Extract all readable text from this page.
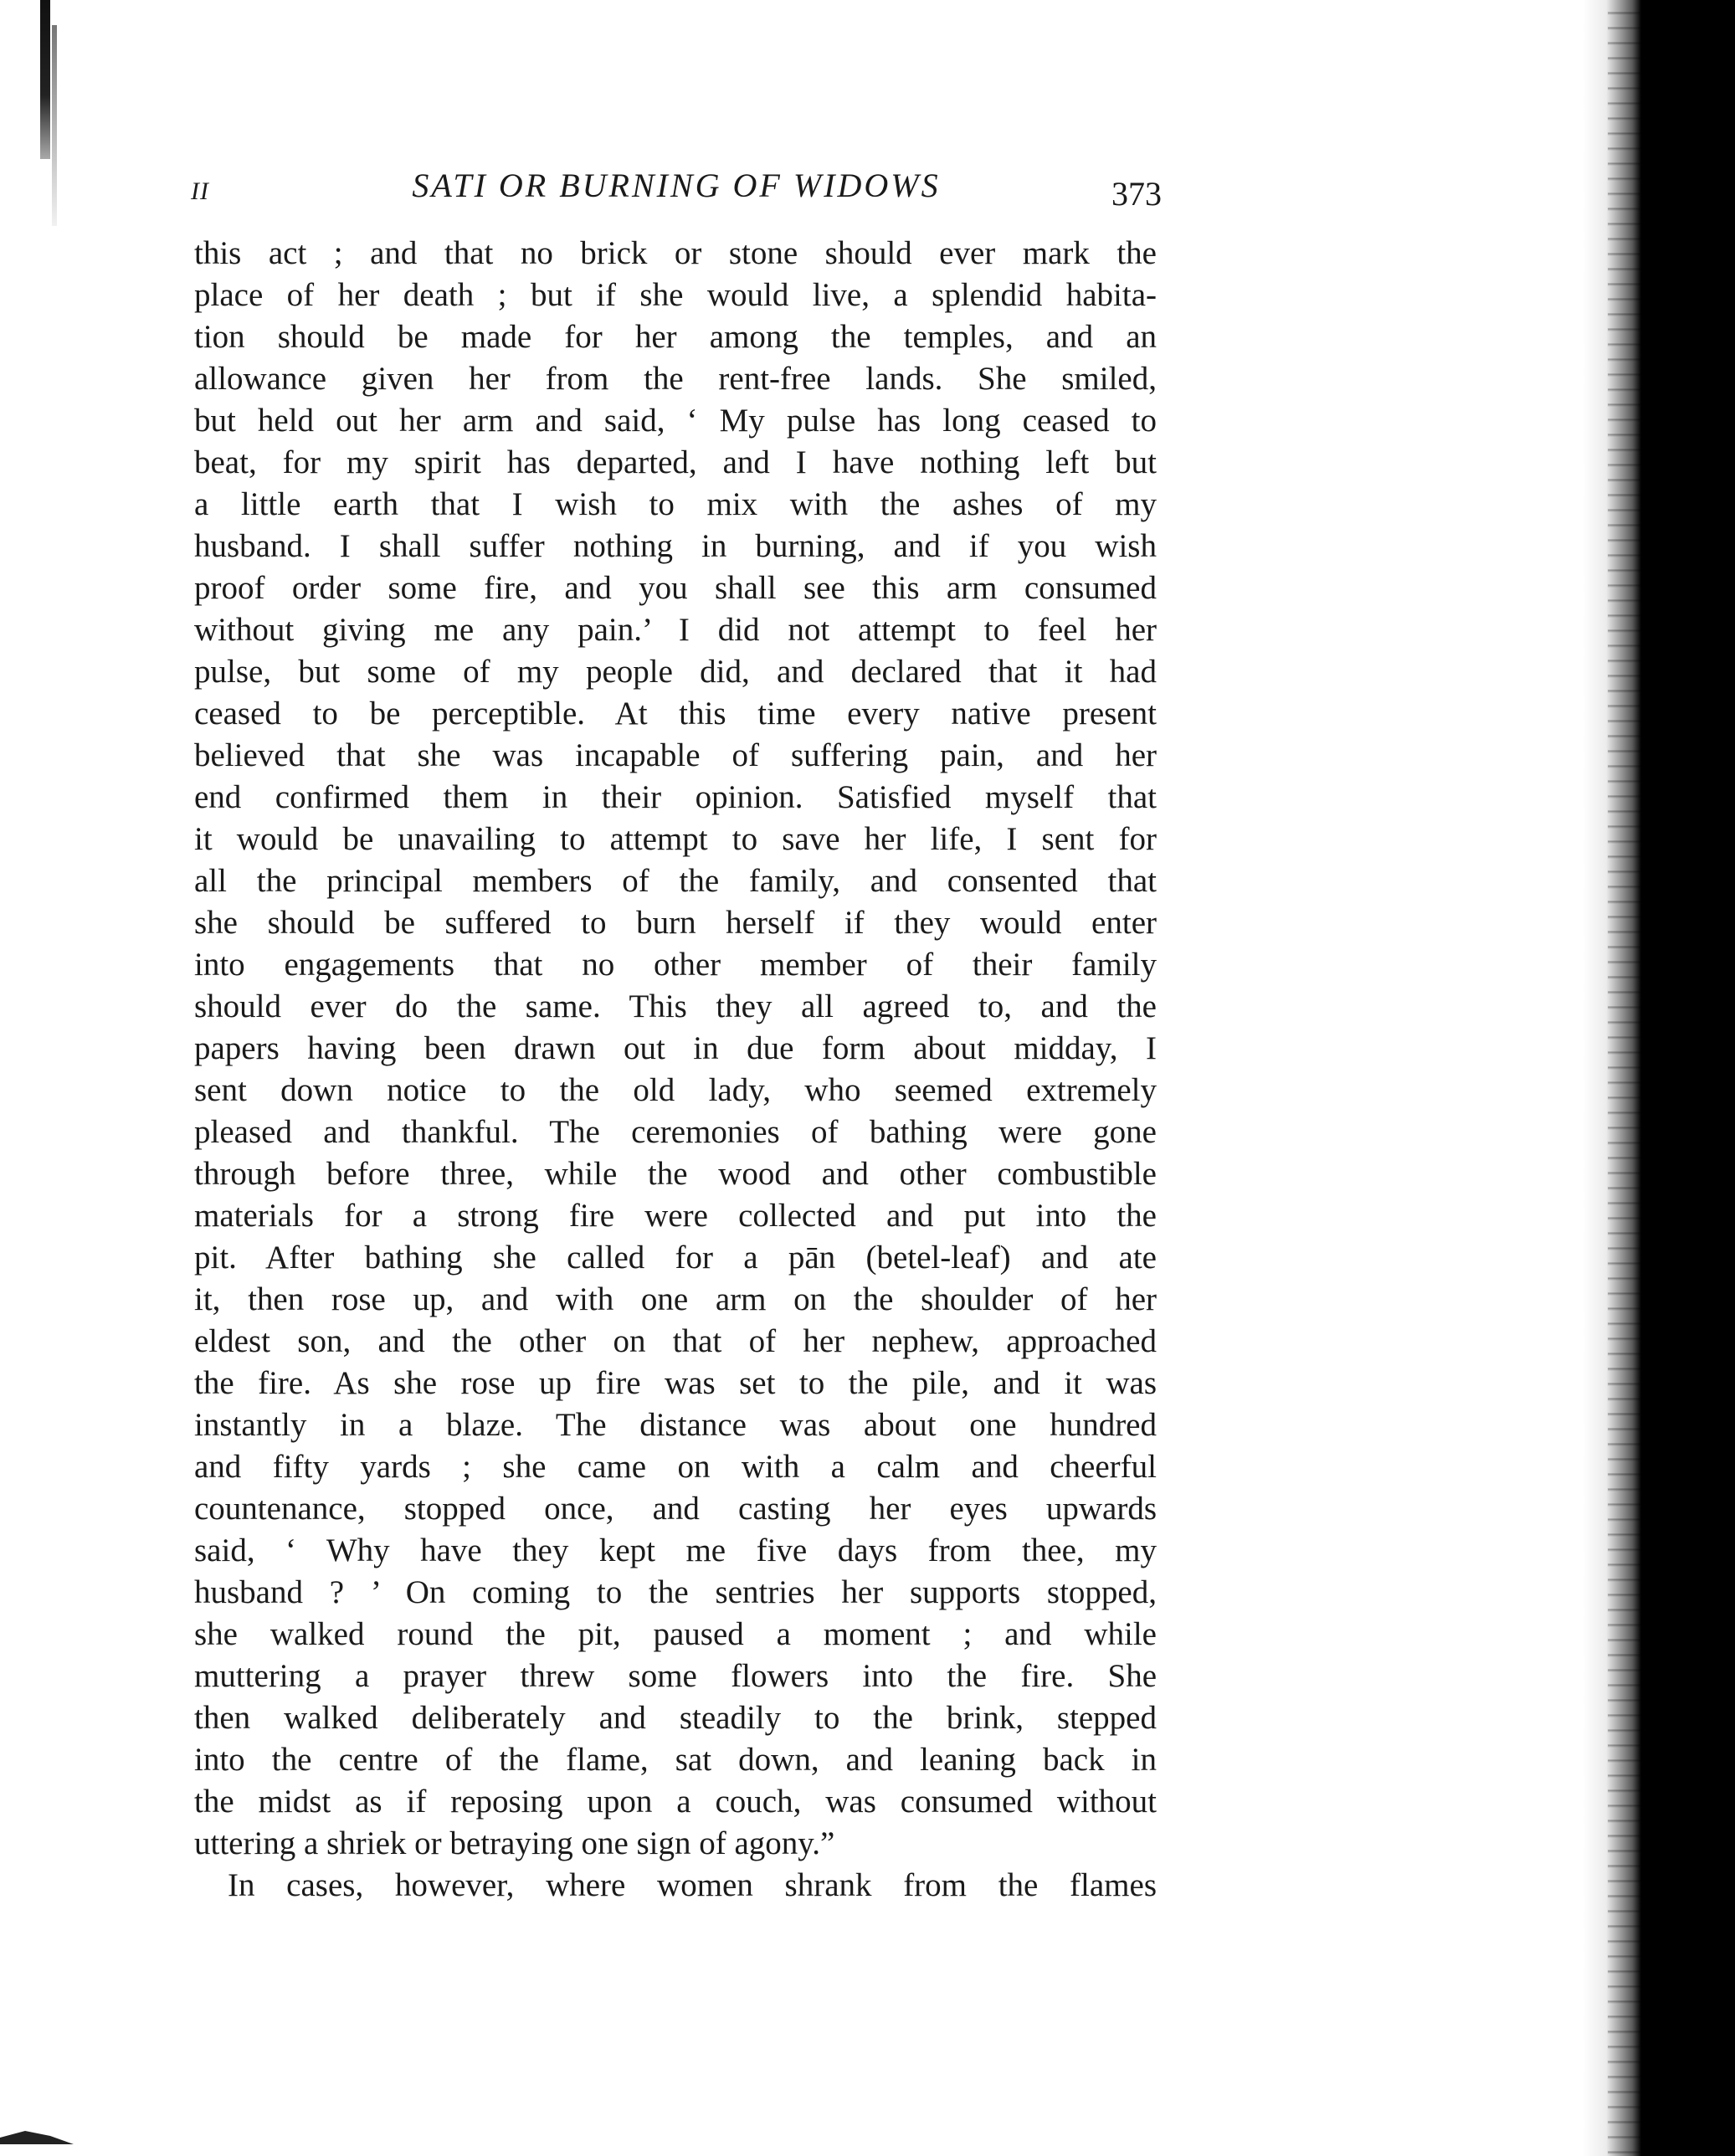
II	SATI OR BURNING OF WIDOWS	373
this act ; and that no brick or stone should ever mark the
place of her death ; but if she would live, a splendid habita-
tion should be made for her among the temples, and an
allowance given her from the rent-free lands. She smiled,
but held out her arm and said, ‘ My pulse has long ceased to
beat, for my spirit has departed, and I have nothing left but
a little earth that I wish to mix with the ashes of my
husband. I shall suffer nothing in burning, and if you wish
proof order some fire, and you shall see this arm consumed
without giving me any pain.’ I did not attempt to feel her
pulse, but some of my people did, and declared that it had
ceased to be perceptible. At this time every native present
believed that she was incapable of suffering pain, and her
end confirmed them in their opinion. Satisfied myself that
it would be unavailing to attempt to save her life, I sent for
all the principal members of the family, and consented that
she should be suffered to burn herself if they would enter
into engagements that no other member of their family
should ever do the same. This they all agreed to, and the
papers having been drawn out in due form about midday, I
sent down notice to the old lady, who seemed extremely
pleased and thankful. The ceremonies of bathing were gone
through before three, while the wood and other combustible
materials for a strong fire were collected and put into the
pit. After bathing she called for a pān (betel-leaf) and ate
it, then rose up, and with one arm on the shoulder of her
eldest son, and the other on that of her nephew, approached
the fire. As she rose up fire was set to the pile, and it was
instantly in a blaze. The distance was about one hundred
and fifty yards ; she came on with a calm and cheerful
countenance, stopped once, and casting her eyes upwards
said, ‘ Why have they kept me five days from thee, my
husband ? ’ On coming to the sentries her supports stopped,
she walked round the pit, paused a moment ; and while
muttering a prayer threw some flowers into the fire. She
then walked deliberately and steadily to the brink, stepped
into the centre of the flame, sat down, and leaning back in
the midst as if reposing upon a couch, was consumed without
uttering a shriek or betraying one sign of agony.”
In cases, however, where women shrank from the flames
